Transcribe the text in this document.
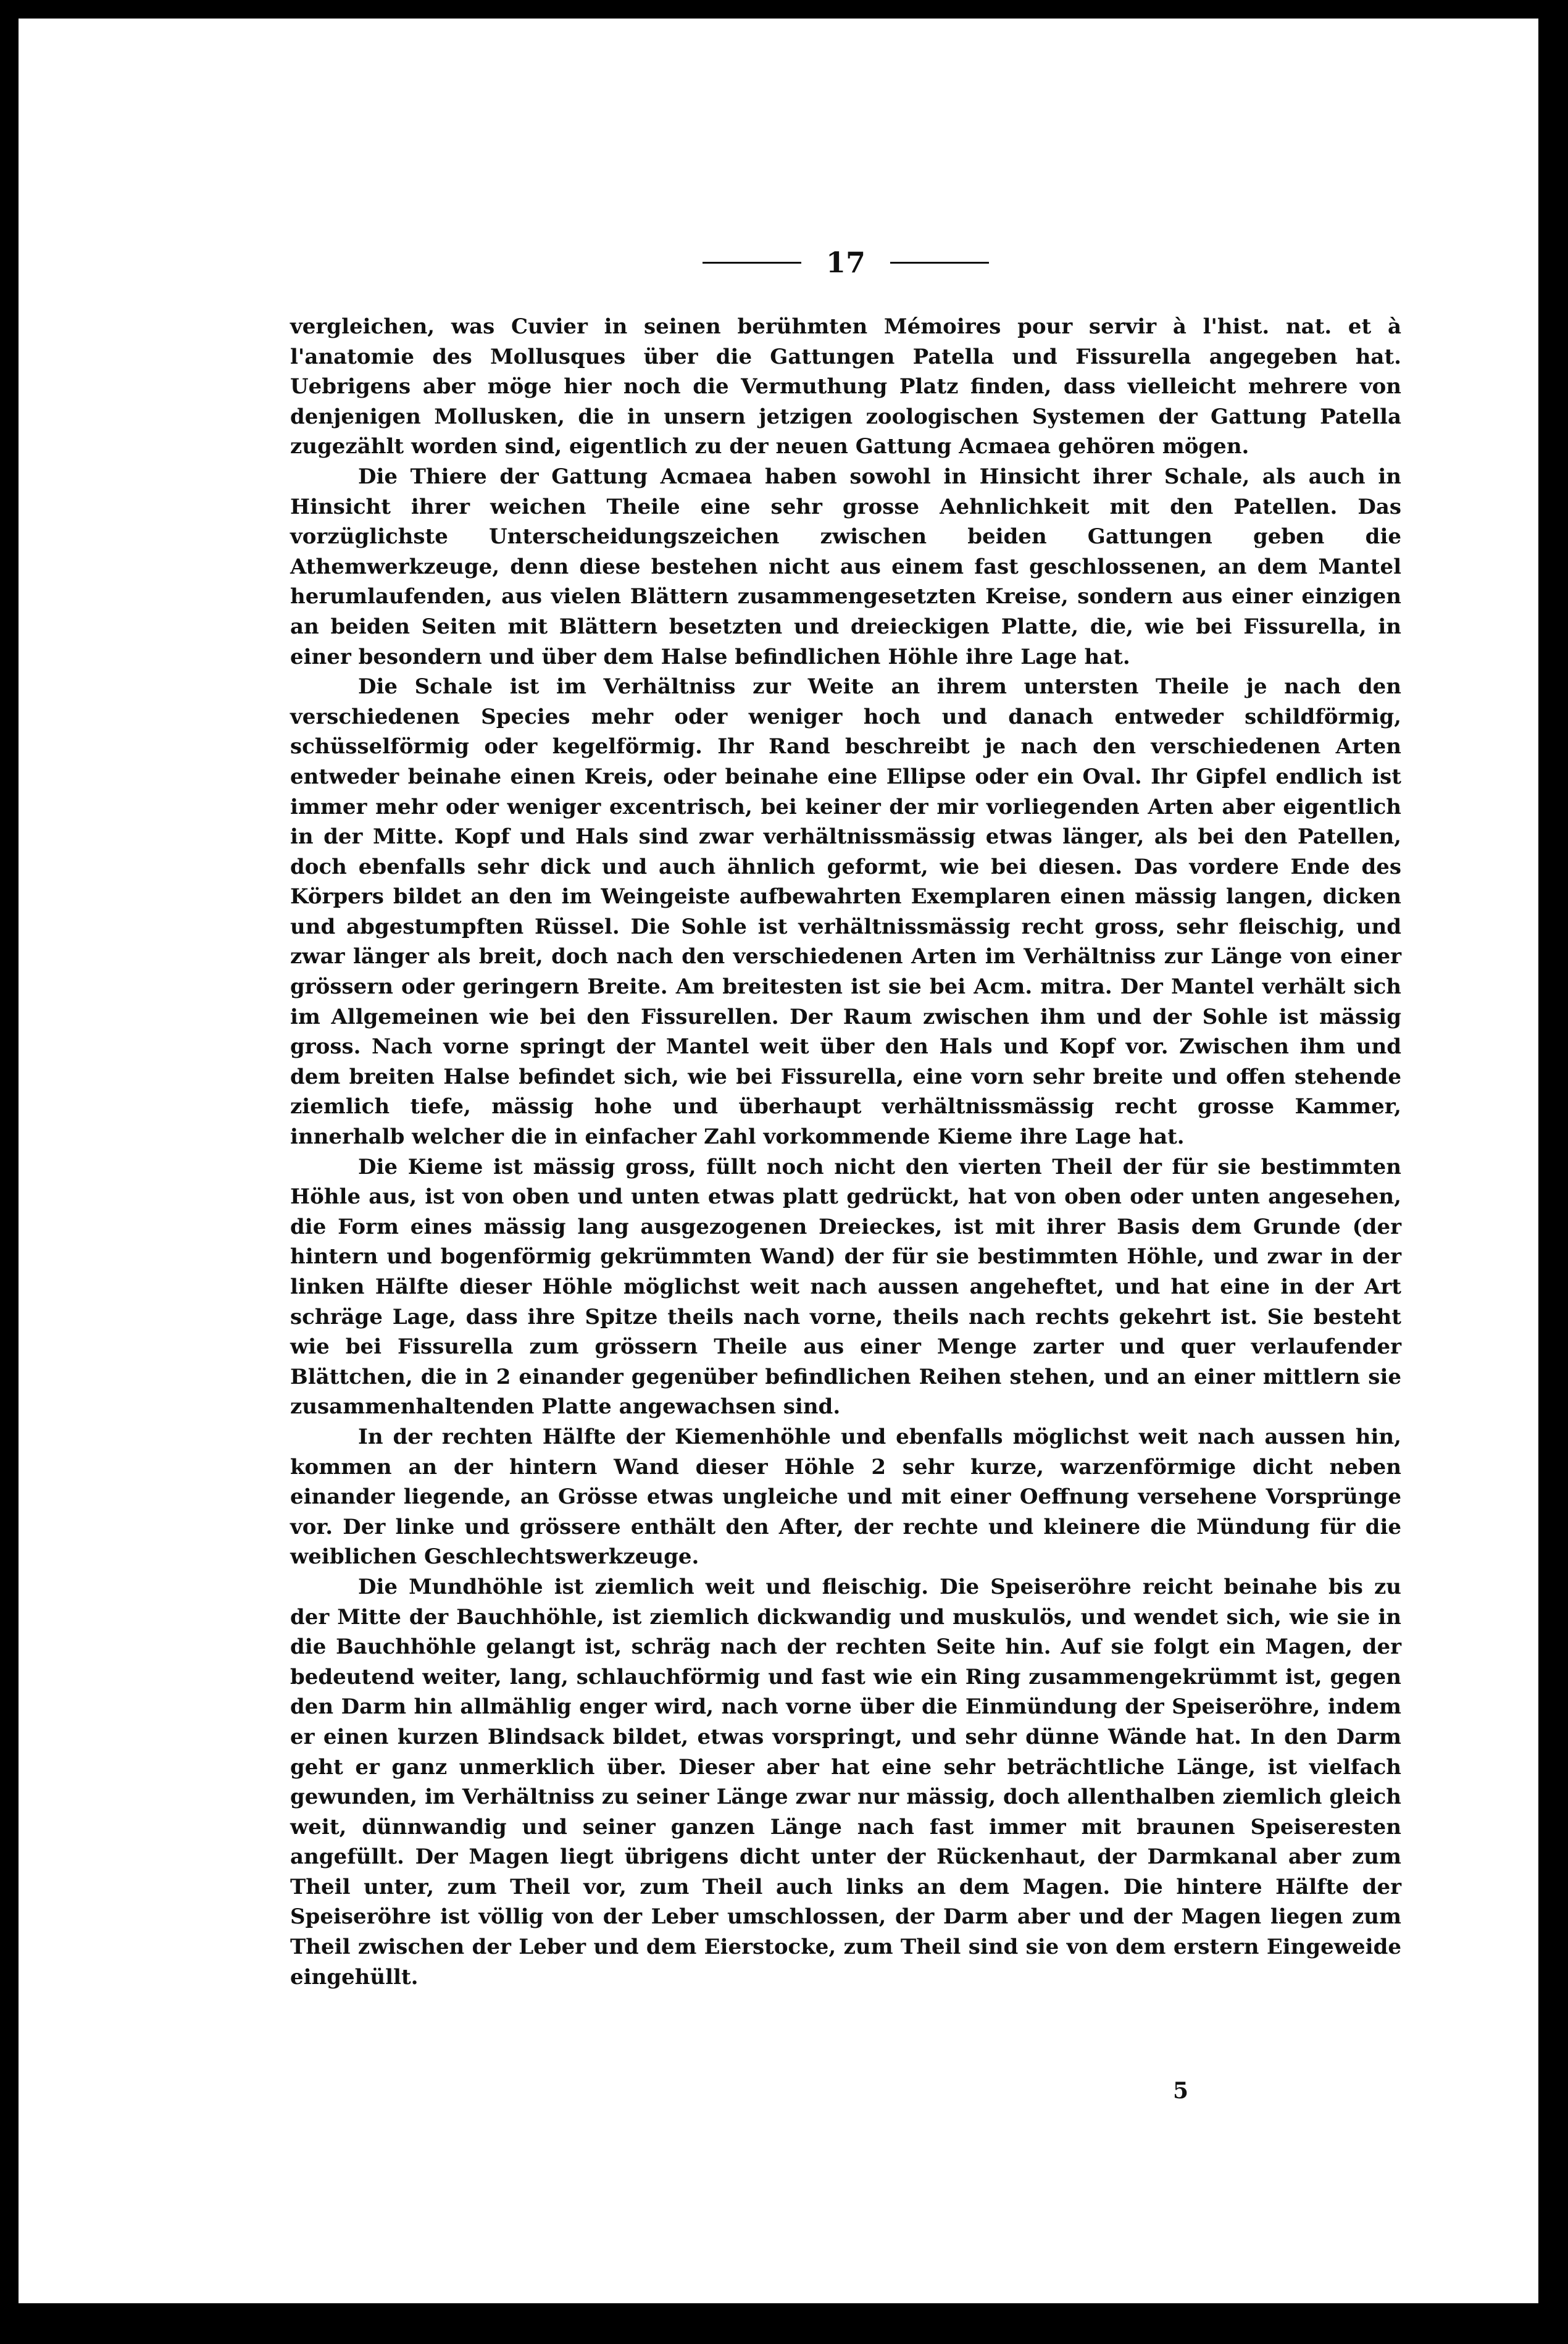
17

vergleichen, was Cuvier in seinen berühmten Mémoires pour servir à l'hist. nat. et à l'anatomie des Mollusques über die Gattungen Patella und Fissurella angegeben hat. Uebrigens aber möge hier noch die Vermuthung Platz finden, dass vielleicht mehrere von denjenigen Mollusken, die in unsern jetzigen zoologischen Systemen der Gattung Patella zugezählt worden sind, eigentlich zu der neuen Gattung Acmaea gehören mögen.

Die Thiere der Gattung Acmaea haben sowohl in Hinsicht ihrer Schale, als auch in Hinsicht ihrer weichen Theile eine sehr grosse Aehnlichkeit mit den Patellen. Das vorzüglichste Unterscheidungszeichen zwischen beiden Gattungen geben die Athemwerkzeuge, denn diese bestehen nicht aus einem fast geschlossenen, an dem Mantel herumlaufenden, aus vielen Blättern zusammengesetzten Kreise, sondern aus einer einzigen an beiden Seiten mit Blättern besetzten und dreieckigen Platte, die, wie bei Fissurella, in einer besondern und über dem Halse befindlichen Höhle ihre Lage hat.

Die Schale ist im Verhältniss zur Weite an ihrem untersten Theile je nach den verschiedenen Species mehr oder weniger hoch und danach entweder schildförmig, schüsselförmig oder kegelförmig. Ihr Rand beschreibt je nach den verschiedenen Arten entweder beinahe einen Kreis, oder beinahe eine Ellipse oder ein Oval. Ihr Gipfel endlich ist immer mehr oder weniger excentrisch, bei keiner der mir vorliegenden Arten aber eigentlich in der Mitte. Kopf und Hals sind zwar verhältnissmässig etwas länger, als bei den Patellen, doch ebenfalls sehr dick und auch ähnlich geformt, wie bei diesen. Das vordere Ende des Körpers bildet an den im Weingeiste aufbewahrten Exemplaren einen mässig langen, dicken und abgestumpften Rüssel. Die Sohle ist verhältnissmässig recht gross, sehr fleischig, und zwar länger als breit, doch nach den verschiedenen Arten im Verhältniss zur Länge von einer grössern oder geringern Breite. Am breitesten ist sie bei Acm. mitra. Der Mantel verhält sich im Allgemeinen wie bei den Fissurellen. Der Raum zwischen ihm und der Sohle ist mässig gross. Nach vorne springt der Mantel weit über den Hals und Kopf vor. Zwischen ihm und dem breiten Halse befindet sich, wie bei Fissurella, eine vorn sehr breite und offen stehende ziemlich tiefe, mässig hohe und überhaupt verhältnissmässig recht grosse Kammer, innerhalb welcher die in einfacher Zahl vorkommende Kieme ihre Lage hat.

Die Kieme ist mässig gross, füllt noch nicht den vierten Theil der für sie bestimmten Höhle aus, ist von oben und unten etwas platt gedrückt, hat von oben oder unten angesehen, die Form eines mässig lang ausgezogenen Dreieckes, ist mit ihrer Basis dem Grunde (der hintern und bogenförmig gekrümmten Wand) der für sie bestimmten Höhle, und zwar in der linken Hälfte dieser Höhle möglichst weit nach aussen angeheftet, und hat eine in der Art schräge Lage, dass ihre Spitze theils nach vorne, theils nach rechts gekehrt ist. Sie besteht wie bei Fissurella zum grössern Theile aus einer Menge zarter und quer verlaufender Blättchen, die in 2 einander gegenüber befindlichen Reihen stehen, und an einer mittlern sie zusammenhaltenden Platte angewachsen sind.

In der rechten Hälfte der Kiemenhöhle und ebenfalls möglichst weit nach aussen hin, kommen an der hintern Wand dieser Höhle 2 sehr kurze, warzenförmige dicht neben einander liegende, an Grösse etwas ungleiche und mit einer Oeffnung versehene Vorsprünge vor. Der linke und grössere enthält den After, der rechte und kleinere die Mündung für die weiblichen Geschlechtswerkzeuge.

Die Mundhöhle ist ziemlich weit und fleischig. Die Speiseröhre reicht beinahe bis zu der Mitte der Bauchhöhle, ist ziemlich dickwandig und muskulös, und wendet sich, wie sie in die Bauchhöhle gelangt ist, schräg nach der rechten Seite hin. Auf sie folgt ein Magen, der bedeutend weiter, lang, schlauchförmig und fast wie ein Ring zusammengekrümmt ist, gegen den Darm hin allmählig enger wird, nach vorne über die Einmündung der Speiseröhre, indem er einen kurzen Blindsack bildet, etwas vorspringt, und sehr dünne Wände hat. In den Darm geht er ganz unmerklich über. Dieser aber hat eine sehr beträchtliche Länge, ist vielfach gewunden, im Verhältniss zu seiner Länge zwar nur mässig, doch allenthalben ziemlich gleich weit, dünnwandig und seiner ganzen Länge nach fast immer mit braunen Speiseresten angefüllt. Der Magen liegt übrigens dicht unter der Rückenhaut, der Darmkanal aber zum Theil unter, zum Theil vor, zum Theil auch links an dem Magen. Die hintere Hälfte der Speiseröhre ist völlig von der Leber umschlossen, der Darm aber und der Magen liegen zum Theil zwischen der Leber und dem Eierstocke, zum Theil sind sie von dem erstern Eingeweide eingehüllt.

5
